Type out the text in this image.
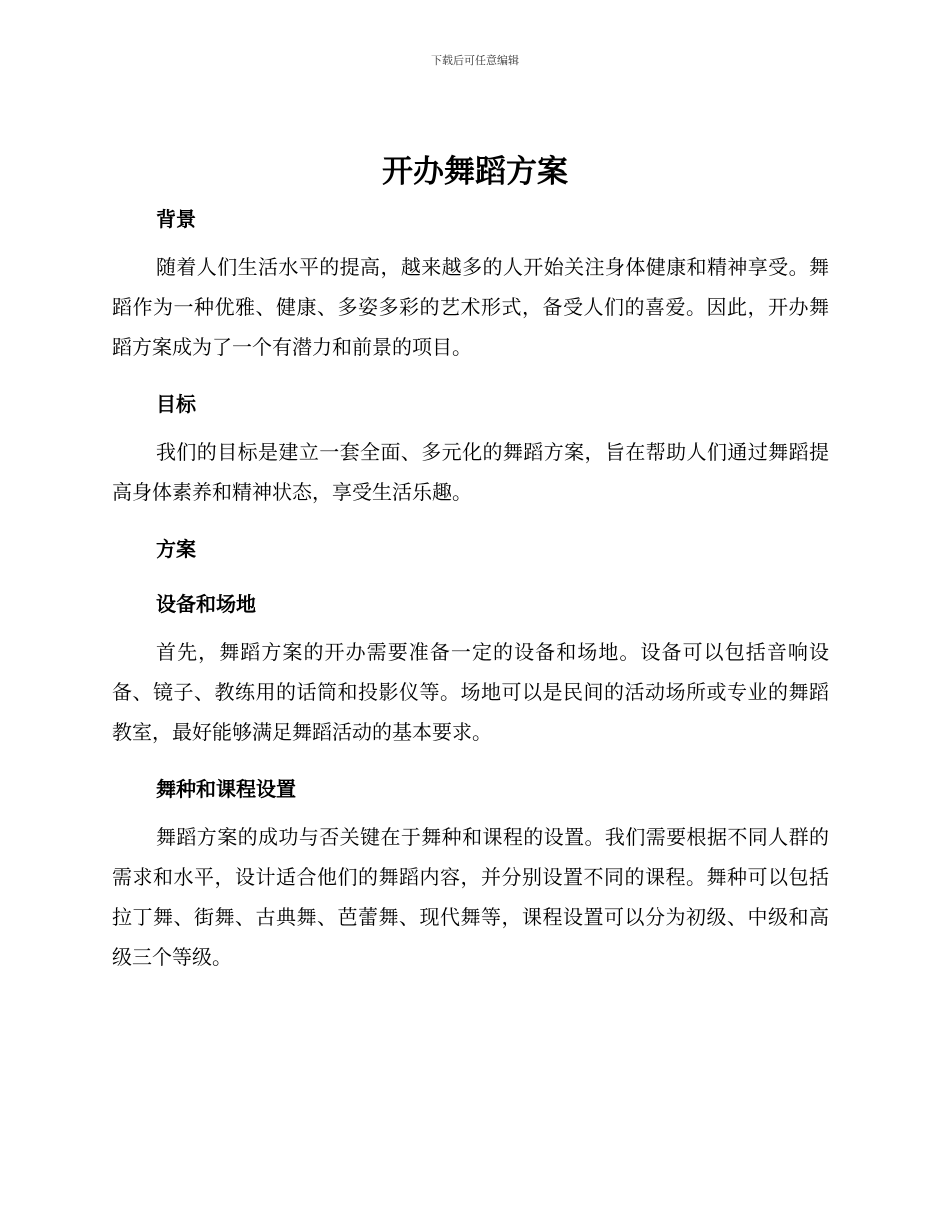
下载后可任意编辑
开办舞蹈方案
背景

随着人们生活水平的提高，越来越多的人开始关注身体健康和精神享受。舞蹈作为一种优雅、健康、多姿多彩的艺术形式，备受人们的喜爱。因此，开办舞蹈方案成为了一个有潜力和前景的项目。

目标

我们的目标是建立一套全面、多元化的舞蹈方案，旨在帮助人们通过舞蹈提高身体素养和精神状态，享受生活乐趣。

方案
设备和场地

首先，舞蹈方案的开办需要准备一定的设备和场地。设备可以包括音响设备、镜子、教练用的话筒和投影仪等。场地可以是民间的活动场所或专业的舞蹈教室，最好能够满足舞蹈活动的基本要求。

舞种和课程设置

舞蹈方案的成功与否关键在于舞种和课程的设置。我们需要根据不同人群的需求和水平，设计适合他们的舞蹈内容，并分别设置不同的课程。舞种可以包括拉丁舞、街舞、古典舞、芭蕾舞、现代舞等，课程设置可以分为初级、中级和高级三个等级。
